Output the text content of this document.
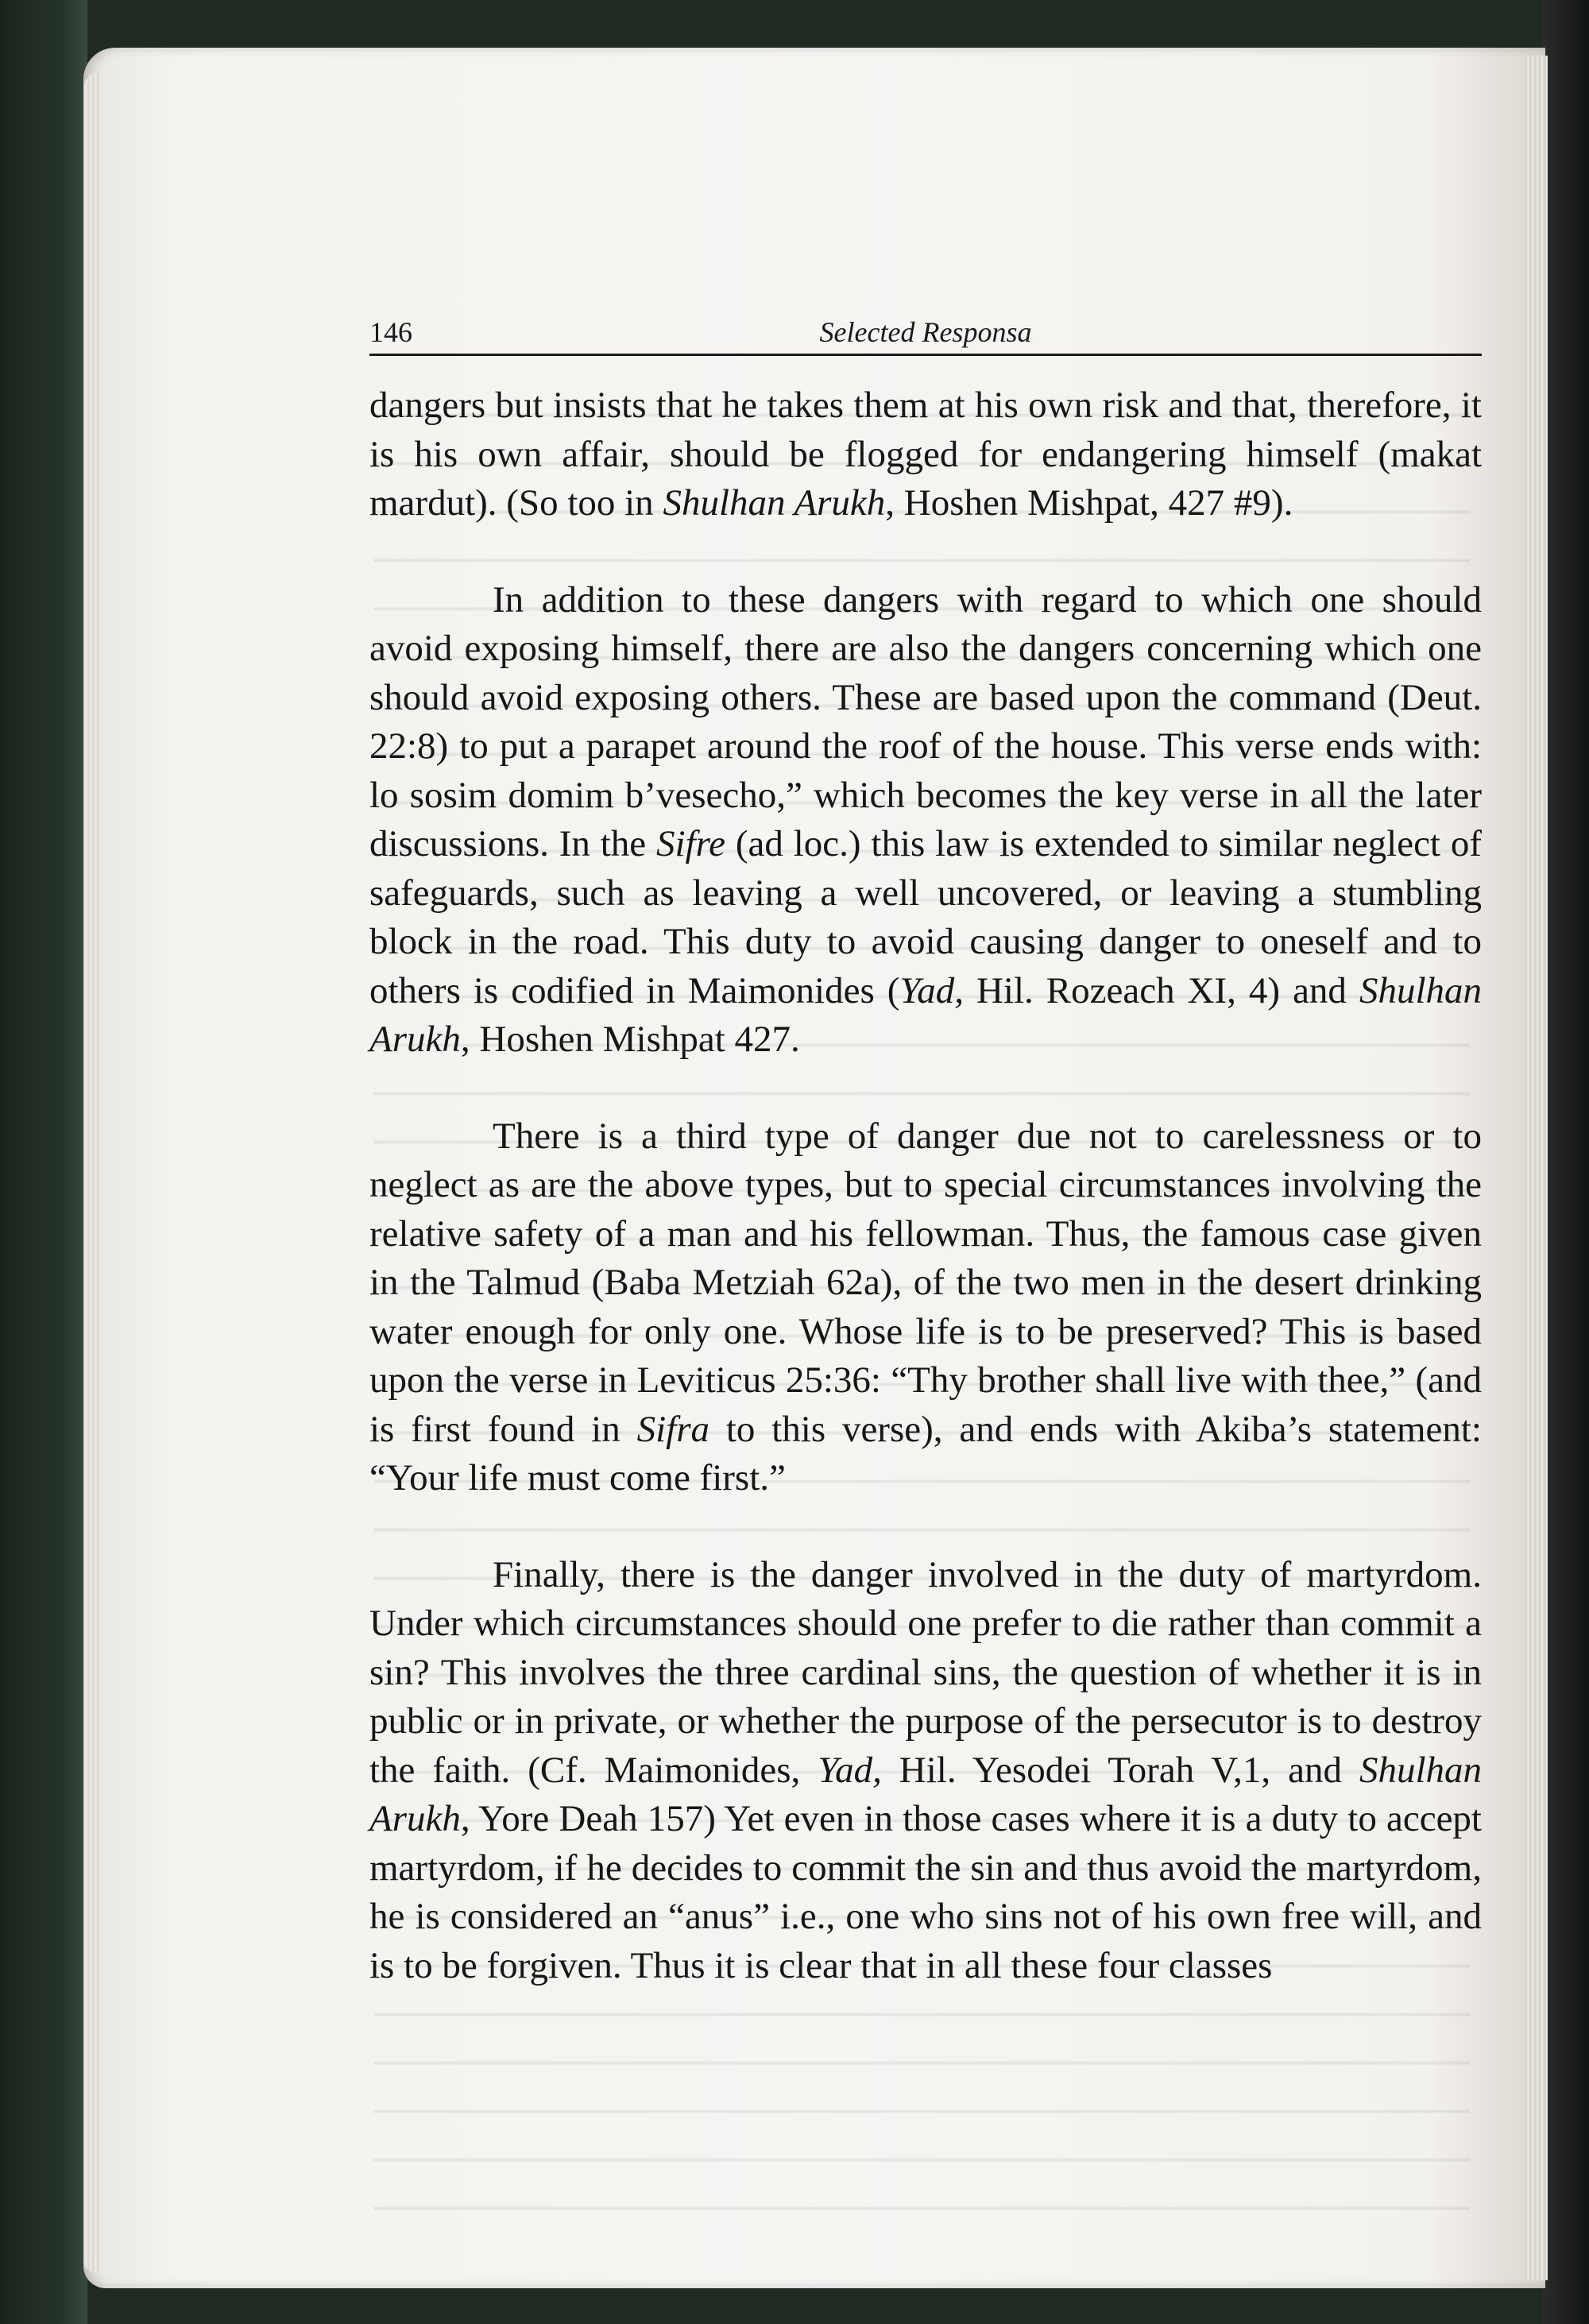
146	Selected Responsa

dangers but insists that he takes them at his own risk and that, therefore, it is his own affair, should be flogged for endangering himself (makat mardut). (So too in Shulhan Arukh, Hoshen Mishpat, 427 #9).

In addition to these dangers with regard to which one should avoid exposing himself, there are also the dangers concerning which one should avoid exposing others. These are based upon the command (Deut. 22:8) to put a parapet around the roof of the house. This verse ends with: lo sosim domim b’vesecho,” which becomes the key verse in all the later discussions. In the Sifre (ad loc.) this law is extended to similar neglect of safeguards, such as leaving a well uncovered, or leaving a stumbling block in the road. This duty to avoid causing danger to oneself and to others is codified in Maimonides (Yad, Hil. Rozeach XI, 4) and Shulhan Arukh, Hoshen Mishpat 427.

There is a third type of danger due not to carelessness or to neglect as are the above types, but to special circumstances involving the relative safety of a man and his fellowman. Thus, the famous case given in the Talmud (Baba Metziah 62a), of the two men in the desert drinking water enough for only one. Whose life is to be preserved? This is based upon the verse in Leviticus 25:36: “Thy brother shall live with thee,” (and is first found in Sifra to this verse), and ends with Akiba’s statement: “Your life must come first.”

Finally, there is the danger involved in the duty of martyrdom. Under which circumstances should one prefer to die rather than commit a sin? This involves the three cardinal sins, the question of whether it is in public or in private, or whether the purpose of the persecutor is to destroy the faith. (Cf. Maimonides, Yad, Hil. Yesodei Torah V,1, and Shulhan Arukh, Yore Deah 157) Yet even in those cases where it is a duty to accept martyrdom, if he decides to commit the sin and thus avoid the martyrdom, he is considered an “anus” i.e., one who sins not of his own free will, and is to be forgiven. Thus it is clear that in all these four classes
